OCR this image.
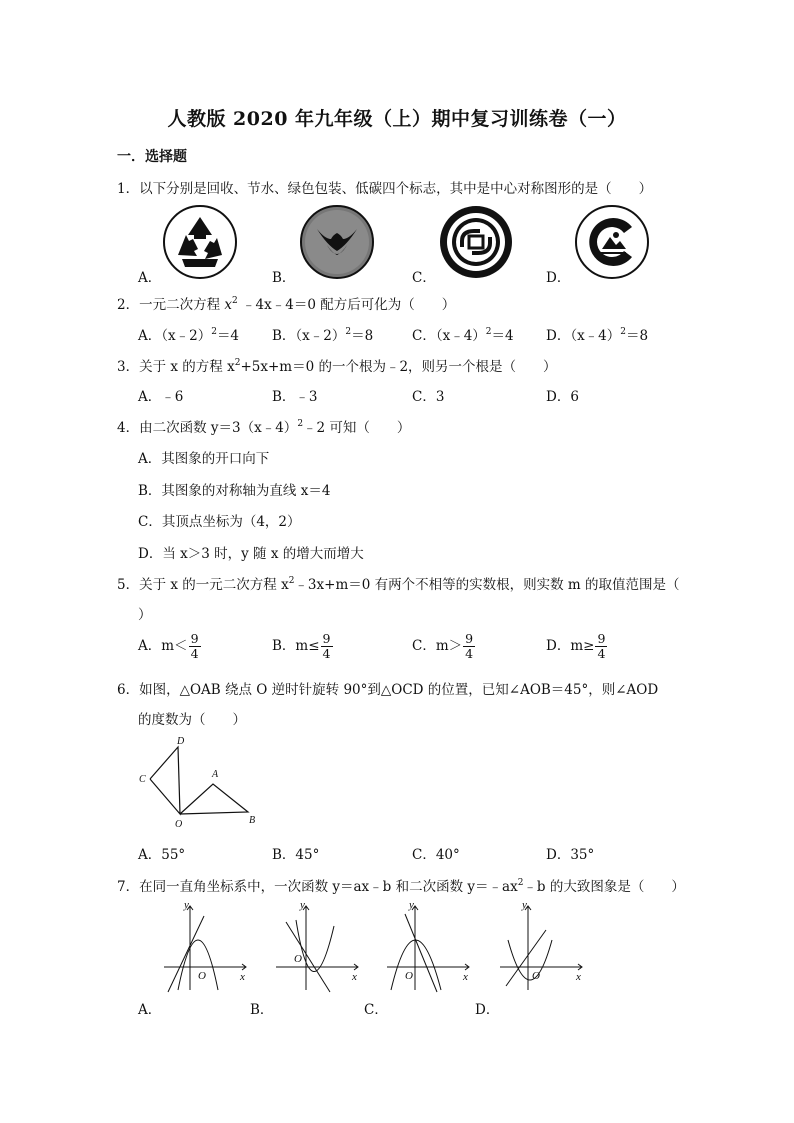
人教版 2020 年九年级（上）期中复习训练卷（一）
一．选择题
1．以下分别是回收、节水、绿色包装、低碳四个标志，其中是中心对称图形的是（　　）
A．	B．	C．	D．
2．一元二次方程 $x^2$ ﹣4x﹣4＝0 配方后可化为（　　）
A．（x﹣2）$^2$＝4 B．（x﹣2）$^2$＝8	C．（x﹣4）$^2$＝4 D．（x﹣4）$^2$＝8
3．关于 x 的方程 $x^2+5x+m=0$ 的一个根为﹣2，则另一个根是（　　）
A．﹣6	B．﹣3	C．3	D．6
4．由二次函数 y＝3（x﹣4）$^2$﹣2 可知（　　）
A．其图象的开口向下
B．其图象的对称轴为直线 x＝4
C．其顶点坐标为（4，2）
D．当 x＞3 时，y 随 x 的增大而增大
5．关于 x 的一元二次方程 $x^2﹣3x+m=0$ 有两个不相等的实数根，则实数 m 的取值范围是（
）
A．$m< \frac{9}{4}$	B．$m\le \frac{9}{4}$	C．$m> \frac{9}{4}$	D．$m\ge \frac{9}{4}$
6．如图，△OAB 绕点 O 逆时针旋转 90°到△OCD 的位置，已知∠AOB＝45°，则∠AOD
的度数为（　　）
D
C	A
O	B
A．55°	B．45°	C．40°	D．35°
7．在同一直角坐标系中，一次函数 y＝ax﹣b 和二次函数 $y=﹣ax^2﹣b$ 的大致图象是（　　）
y
x
O
y
x
O
y
x
O
y
x
O
A．	B．	C．	D．
